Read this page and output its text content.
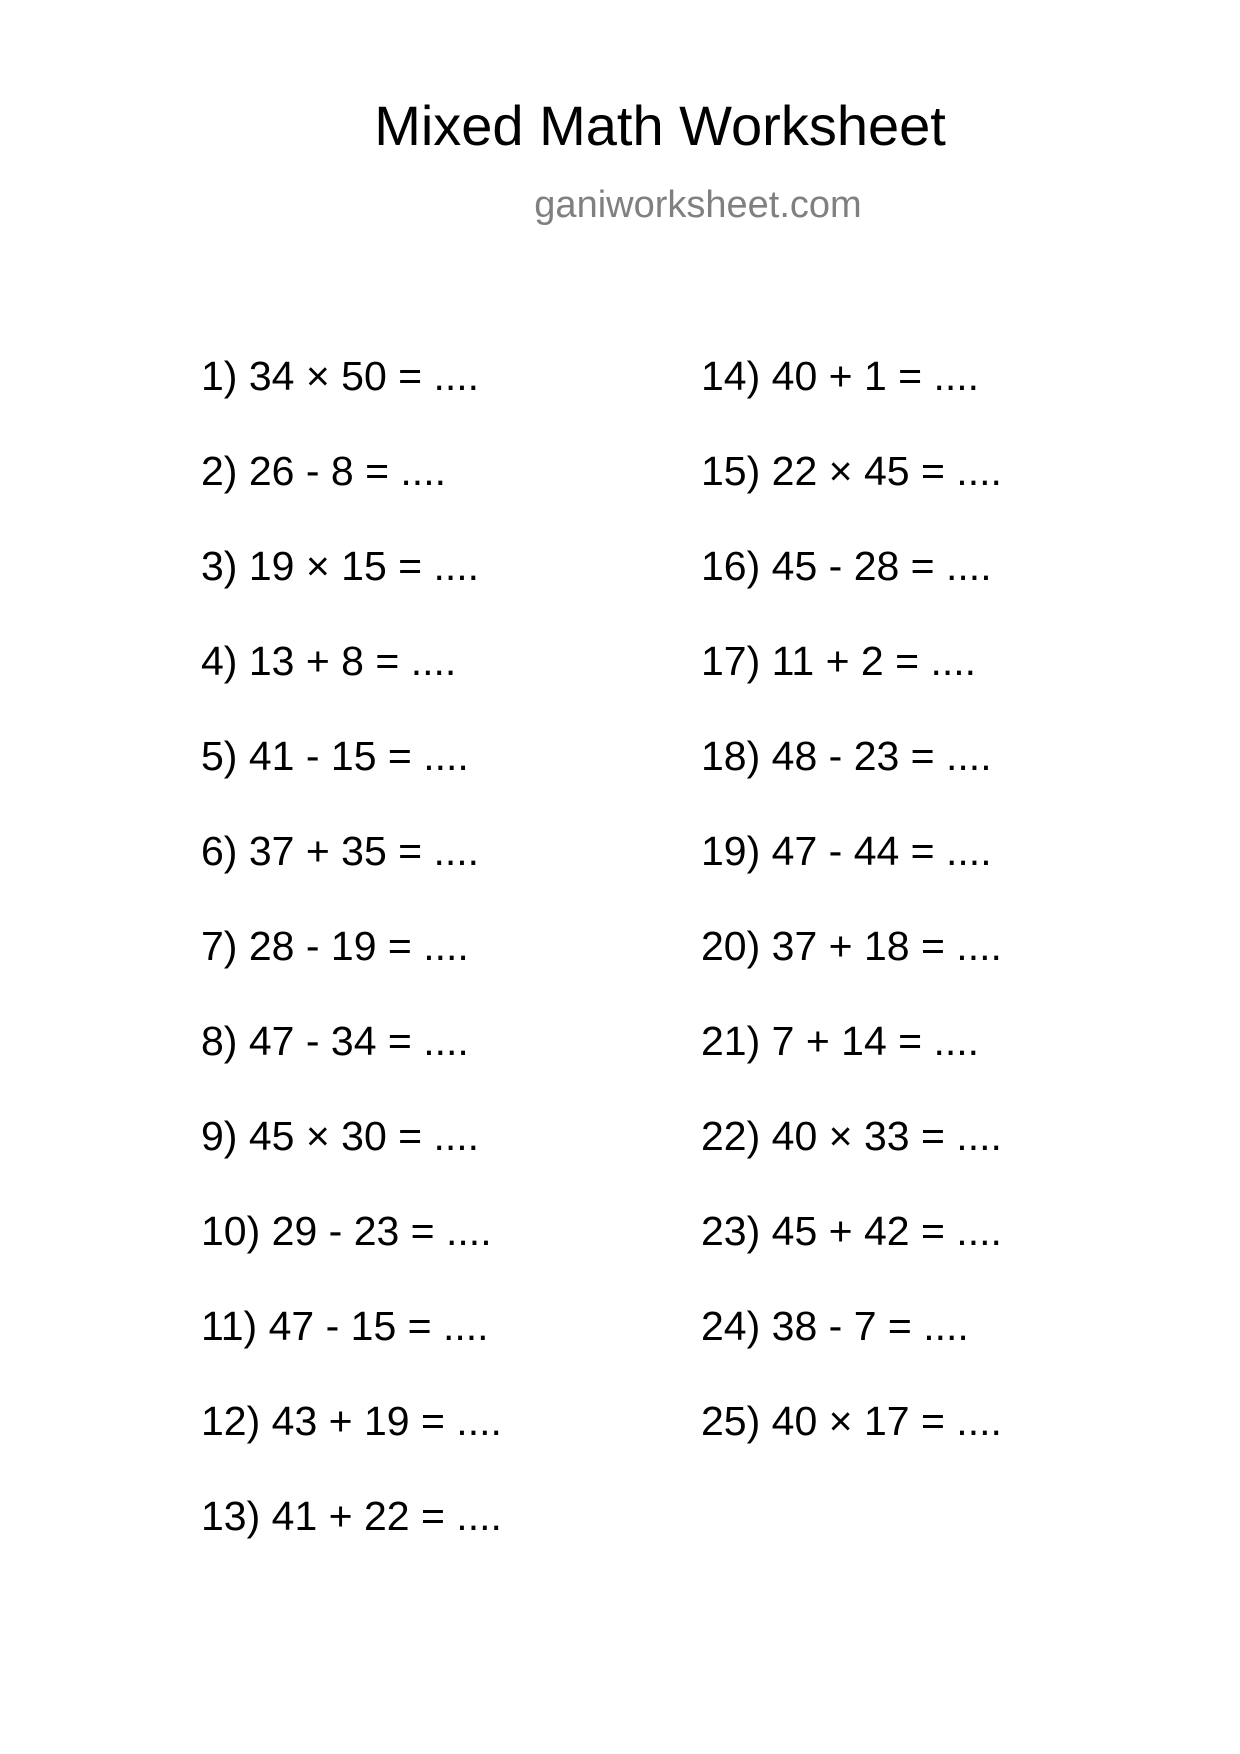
Mixed Math Worksheet
ganiworksheet.com
1) 34 × 50 = ....
2) 26 - 8 = ....
3) 19 × 15 = ....
4) 13 + 8 = ....
5) 41 - 15 = ....
6) 37 + 35 = ....
7) 28 - 19 = ....
8) 47 - 34 = ....
9) 45 × 30 = ....
10) 29 - 23 = ....
11) 47 - 15 = ....
12) 43 + 19 = ....
13) 41 + 22 = ....
14) 40 + 1 = ....
15) 22 × 45 = ....
16) 45 - 28 = ....
17) 11 + 2 = ....
18) 48 - 23 = ....
19) 47 - 44 = ....
20) 37 + 18 = ....
21) 7 + 14 = ....
22) 40 × 33 = ....
23) 45 + 42 = ....
24) 38 - 7 = ....
25) 40 × 17 = ....
